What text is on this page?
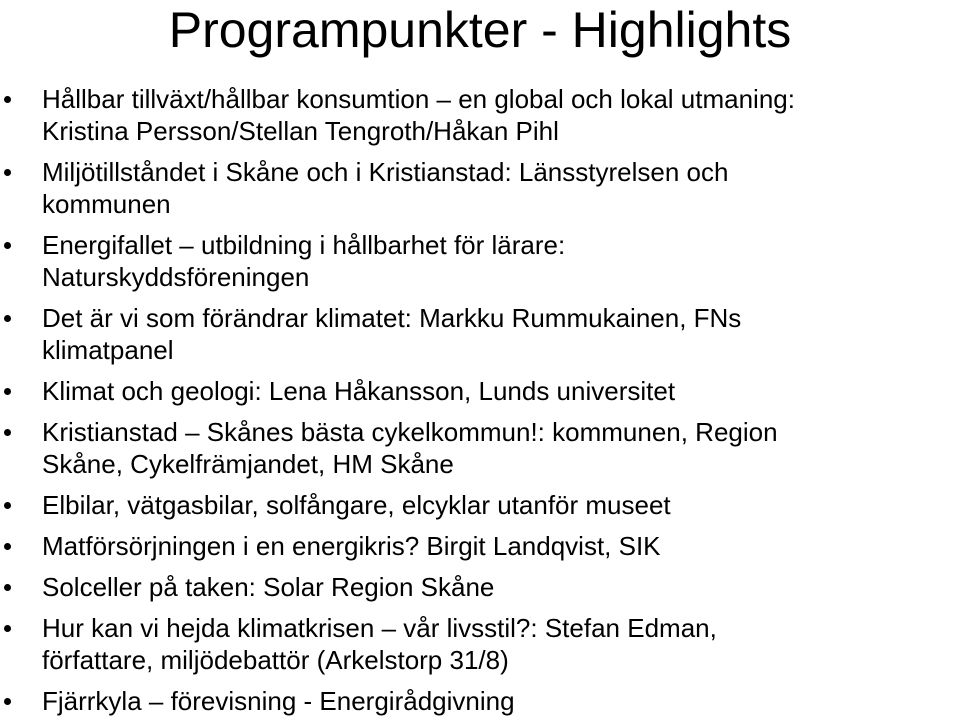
Programpunkter - Highlights
Hållbar tillväxt/hållbar konsumtion – en global och lokal utmaning:
Kristina Persson/Stellan Tengroth/Håkan Pihl
Miljötillståndet i Skåne och i Kristianstad: Länsstyrelsen och
kommunen
Energifallet – utbildning i hållbarhet för lärare:
Naturskyddsföreningen
Det är vi som förändrar klimatet: Markku Rummukainen, FNs
klimatpanel
Klimat och geologi: Lena Håkansson, Lunds universitet
Kristianstad – Skånes bästa cykelkommun!: kommunen, Region
Skåne, Cykelfrämjandet, HM Skåne
Elbilar, vätgasbilar, solfångare, elcyklar utanför museet
Matförsörjningen i en energikris? Birgit Landqvist, SIK
Solceller på taken: Solar Region Skåne
Hur kan vi hejda klimatkrisen – vår livsstil?: Stefan Edman,
författare, miljödebattör (Arkelstorp 31/8)
Fjärrkyla – förevisning - Energirådgivning
